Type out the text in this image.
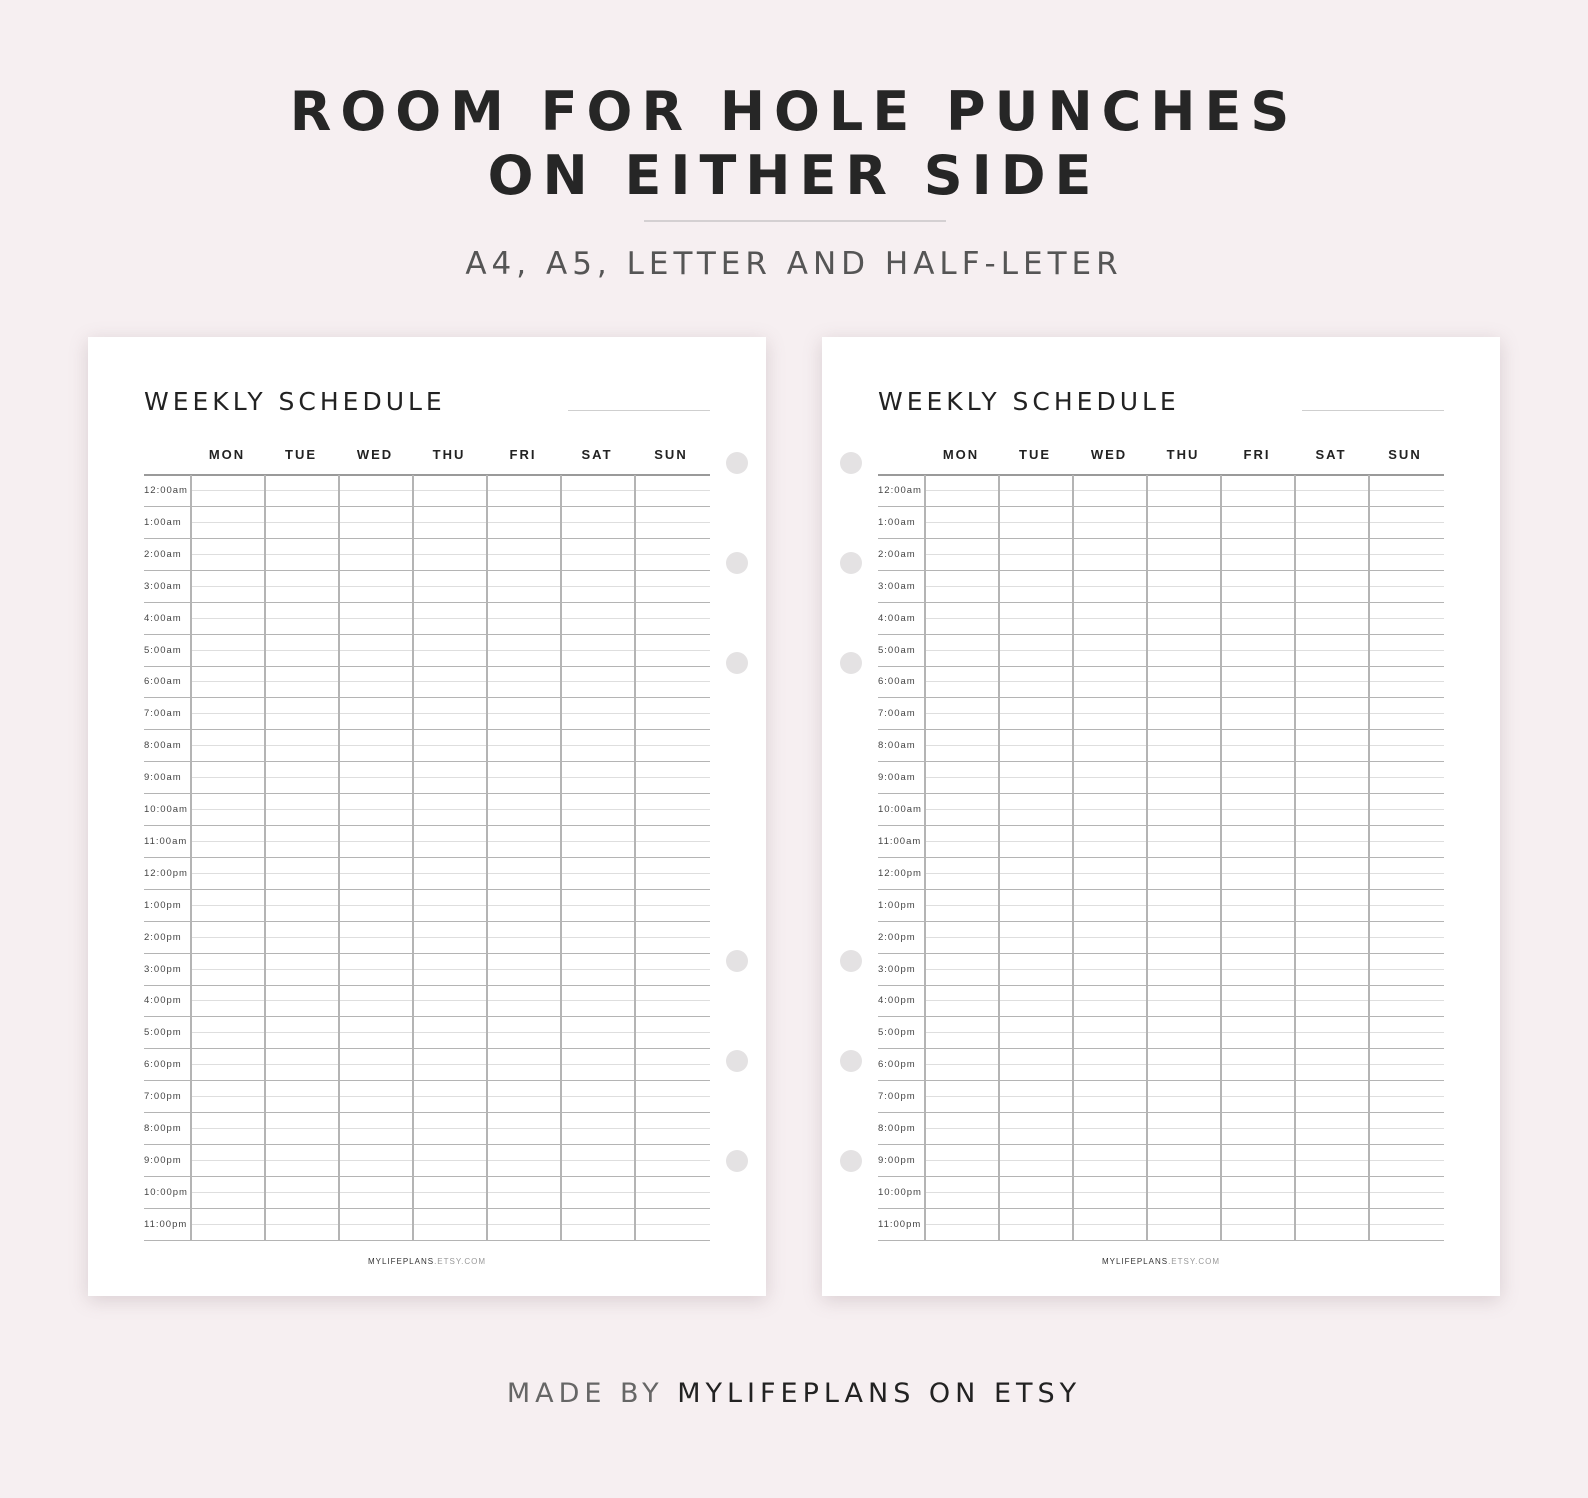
ROOM FOR HOLE PUNCHES
ON EITHER SIDE
A4, A5, LETTER AND HALF-LETER
WEEKLY SCHEDULE
MON	TUE	WED	THU	FRI	SAT	SUN
12:00am
1:00am
2:00am
3:00am
4:00am
5:00am
6:00am
7:00am
8:00am
9:00am
10:00am
11:00am
12:00pm
1:00pm
2:00pm
3:00pm
4:00pm
5:00pm
6:00pm
7:00pm
8:00pm
9:00pm
10:00pm
11:00pm
MYLIFEPLANS.ETSY.COM
WEEKLY SCHEDULE
MON	TUE	WED	THU	FRI	SAT	SUN
12:00am
1:00am
2:00am
3:00am
4:00am
5:00am
6:00am
7:00am
8:00am
9:00am
10:00am
11:00am
12:00pm
1:00pm
2:00pm
3:00pm
4:00pm
5:00pm
6:00pm
7:00pm
8:00pm
9:00pm
10:00pm
11:00pm
MYLIFEPLANS.ETSY.COM
MADE BY MYLIFEPLANS ON ETSY
